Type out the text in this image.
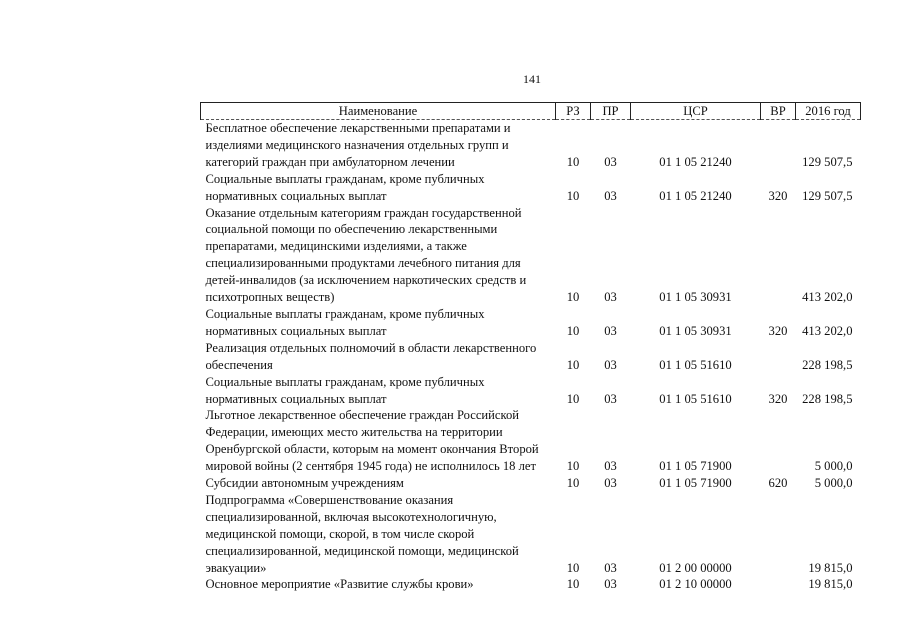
141
Наименование	РЗ	ПР	ЦСР	ВР	2016 год
Бесплатное обеспечение лекарственными препаратами и изделиями медицинского назначения отдельных групп и категорий граждан при амбулаторном лечении	10	03	01 1 05 21240		129 507,5
Социальные выплаты гражданам, кроме публичных нормативных социальных выплат	10	03	01 1 05 21240	320	129 507,5
Оказание отдельным категориям граждан государственной социальной помощи по обеспечению лекарственными препаратами, медицинскими изделиями, а также специализированными продуктами лечебного питания для детей-инвалидов (за исключением наркотических средств и психотропных веществ)	10	03	01 1 05 30931		413 202,0
Социальные выплаты гражданам, кроме публичных нормативных социальных выплат	10	03	01 1 05 30931	320	413 202,0
Реализация отдельных полномочий в области лекарственного обеспечения	10	03	01 1 05 51610		228 198,5
Социальные выплаты гражданам, кроме публичных нормативных социальных выплат	10	03	01 1 05 51610	320	228 198,5
Льготное лекарственное обеспечение граждан Российской Федерации, имеющих место жительства на территории Оренбургской области, которым на момент окончания Второй мировой войны (2 сентября 1945 года) не исполнилось 18 лет	10	03	01 1 05 71900		5 000,0
Субсидии автономным учреждениям	10	03	01 1 05 71900	620	5 000,0
Подпрограмма «Совершенствование оказания специализированной, включая высокотехнологичную, медицинской помощи, скорой, в том числе скорой специализированной, медицинской помощи, медицинской эвакуации»	10	03	01 2 00 00000		19 815,0
Основное мероприятие «Развитие службы крови»	10	03	01 2 10 00000		19 815,0
